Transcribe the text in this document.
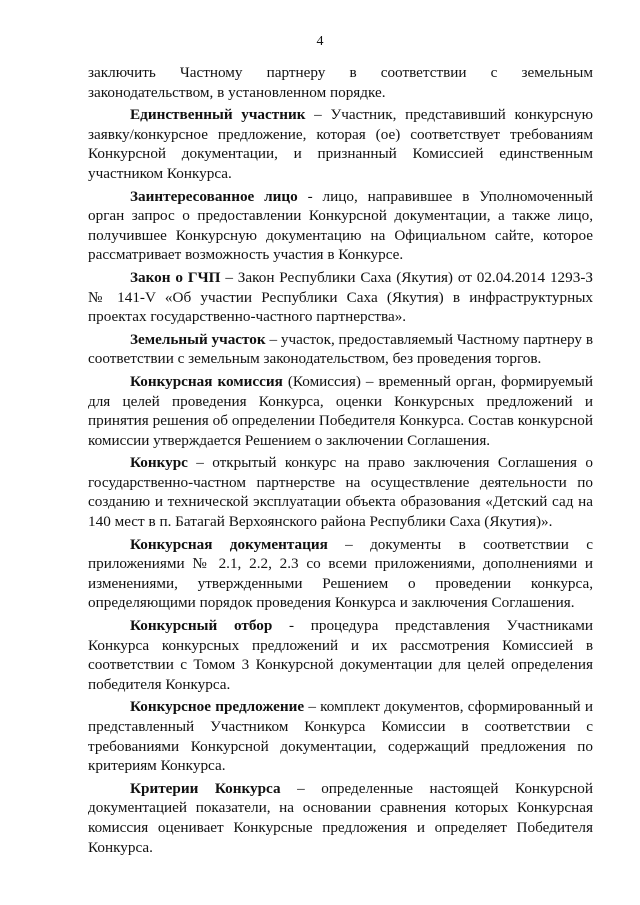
4

заключить Частному партнеру в соответствии с земельным законодательством, в установленном порядке.

Единственный участник – Участник, представивший конкурсную заявку/конкурсное предложение, которая (ое) соответствует требованиям Конкурсной документации, и признанный Комиссией единственным участником Конкурса.

Заинтересованное лицо - лицо, направившее в Уполномоченный орган запрос о предоставлении Конкурсной документации, а также лицо, получившее Конкурсную документацию на Официальном сайте, которое рассматривает возможность участия в Конкурсе.

Закон о ГЧП – Закон Республики Саха (Якутия) от 02.04.2014 1293-З № 141-V «Об участии Республики Саха (Якутия) в инфраструктурных проектах государственно-частного партнерства».

Земельный участок – участок, предоставляемый Частному партнеру в соответствии с земельным законодательством, без проведения торгов.

Конкурсная комиссия (Комиссия) – временный орган, формируемый для целей проведения Конкурса, оценки Конкурсных предложений и принятия решения об определении Победителя Конкурса. Состав конкурсной комиссии утверждается Решением о заключении Соглашения.

Конкурс – открытый конкурс на право заключения Соглашения о государственно-частном партнерстве на осуществление деятельности по созданию и технической эксплуатации объекта образования «Детский сад на 140 мест в п. Батагай Верхоянского района Республики Саха (Якутия)».

Конкурсная документация – документы в соответствии с приложениями № 2.1, 2.2, 2.3 со всеми приложениями, дополнениями и изменениями, утвержденными Решением о проведении конкурса, определяющими порядок проведения Конкурса и заключения Соглашения.

Конкурсный отбор - процедура представления Участниками Конкурса конкурсных предложений и их рассмотрения Комиссией в соответствии с Томом 3 Конкурсной документации для целей определения победителя Конкурса.

Конкурсное предложение – комплект документов, сформированный и представленный Участником Конкурса Комиссии в соответствии с требованиями Конкурсной документации, содержащий предложения по критериям Конкурса.

Критерии Конкурса – определенные настоящей Конкурсной документацией показатели, на основании сравнения которых Конкурсная комиссия оценивает Конкурсные предложения и определяет Победителя Конкурса.
